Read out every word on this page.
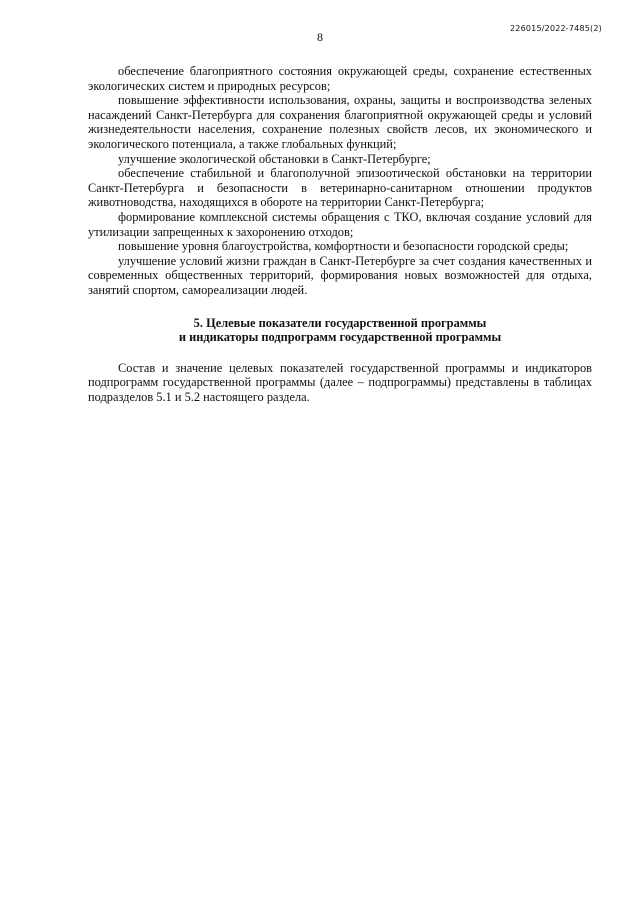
8
226015/2022-7485(2)

обеспечение благоприятного состояния окружающей среды, сохранение естественных экологических систем и природных ресурсов;

повышение эффективности использования, охраны, защиты и воспроизводства зеленых насаждений Санкт-Петербурга для сохранения благоприятной окружающей среды и условий жизнедеятельности населения, сохранение полезных свойств лесов, их экономического и экологического потенциала, а также глобальных функций;

улучшение экологической обстановки в Санкт-Петербурге;

обеспечение стабильной и благополучной эпизоотической обстановки на территории Санкт-Петербурга и безопасности в ветеринарно-санитарном отношении продуктов животноводства, находящихся в обороте на территории Санкт-Петербурга;

формирование комплексной системы обращения с ТКО, включая создание условий для утилизации запрещенных к захоронению отходов;

повышение уровня благоустройства, комфортности и безопасности городской среды;

улучшение условий жизни граждан в Санкт-Петербурге за счет создания качественных и современных общественных территорий, формирования новых возможностей для отдыха, занятий спортом, самореализации людей.

5. Целевые показатели государственной программы
и индикаторы подпрограмм государственной программы

Состав и значение целевых показателей государственной программы и индикаторов подпрограмм государственной программы (далее – подпрограммы) представлены в таблицах подразделов 5.1 и 5.2 настоящего раздела.
